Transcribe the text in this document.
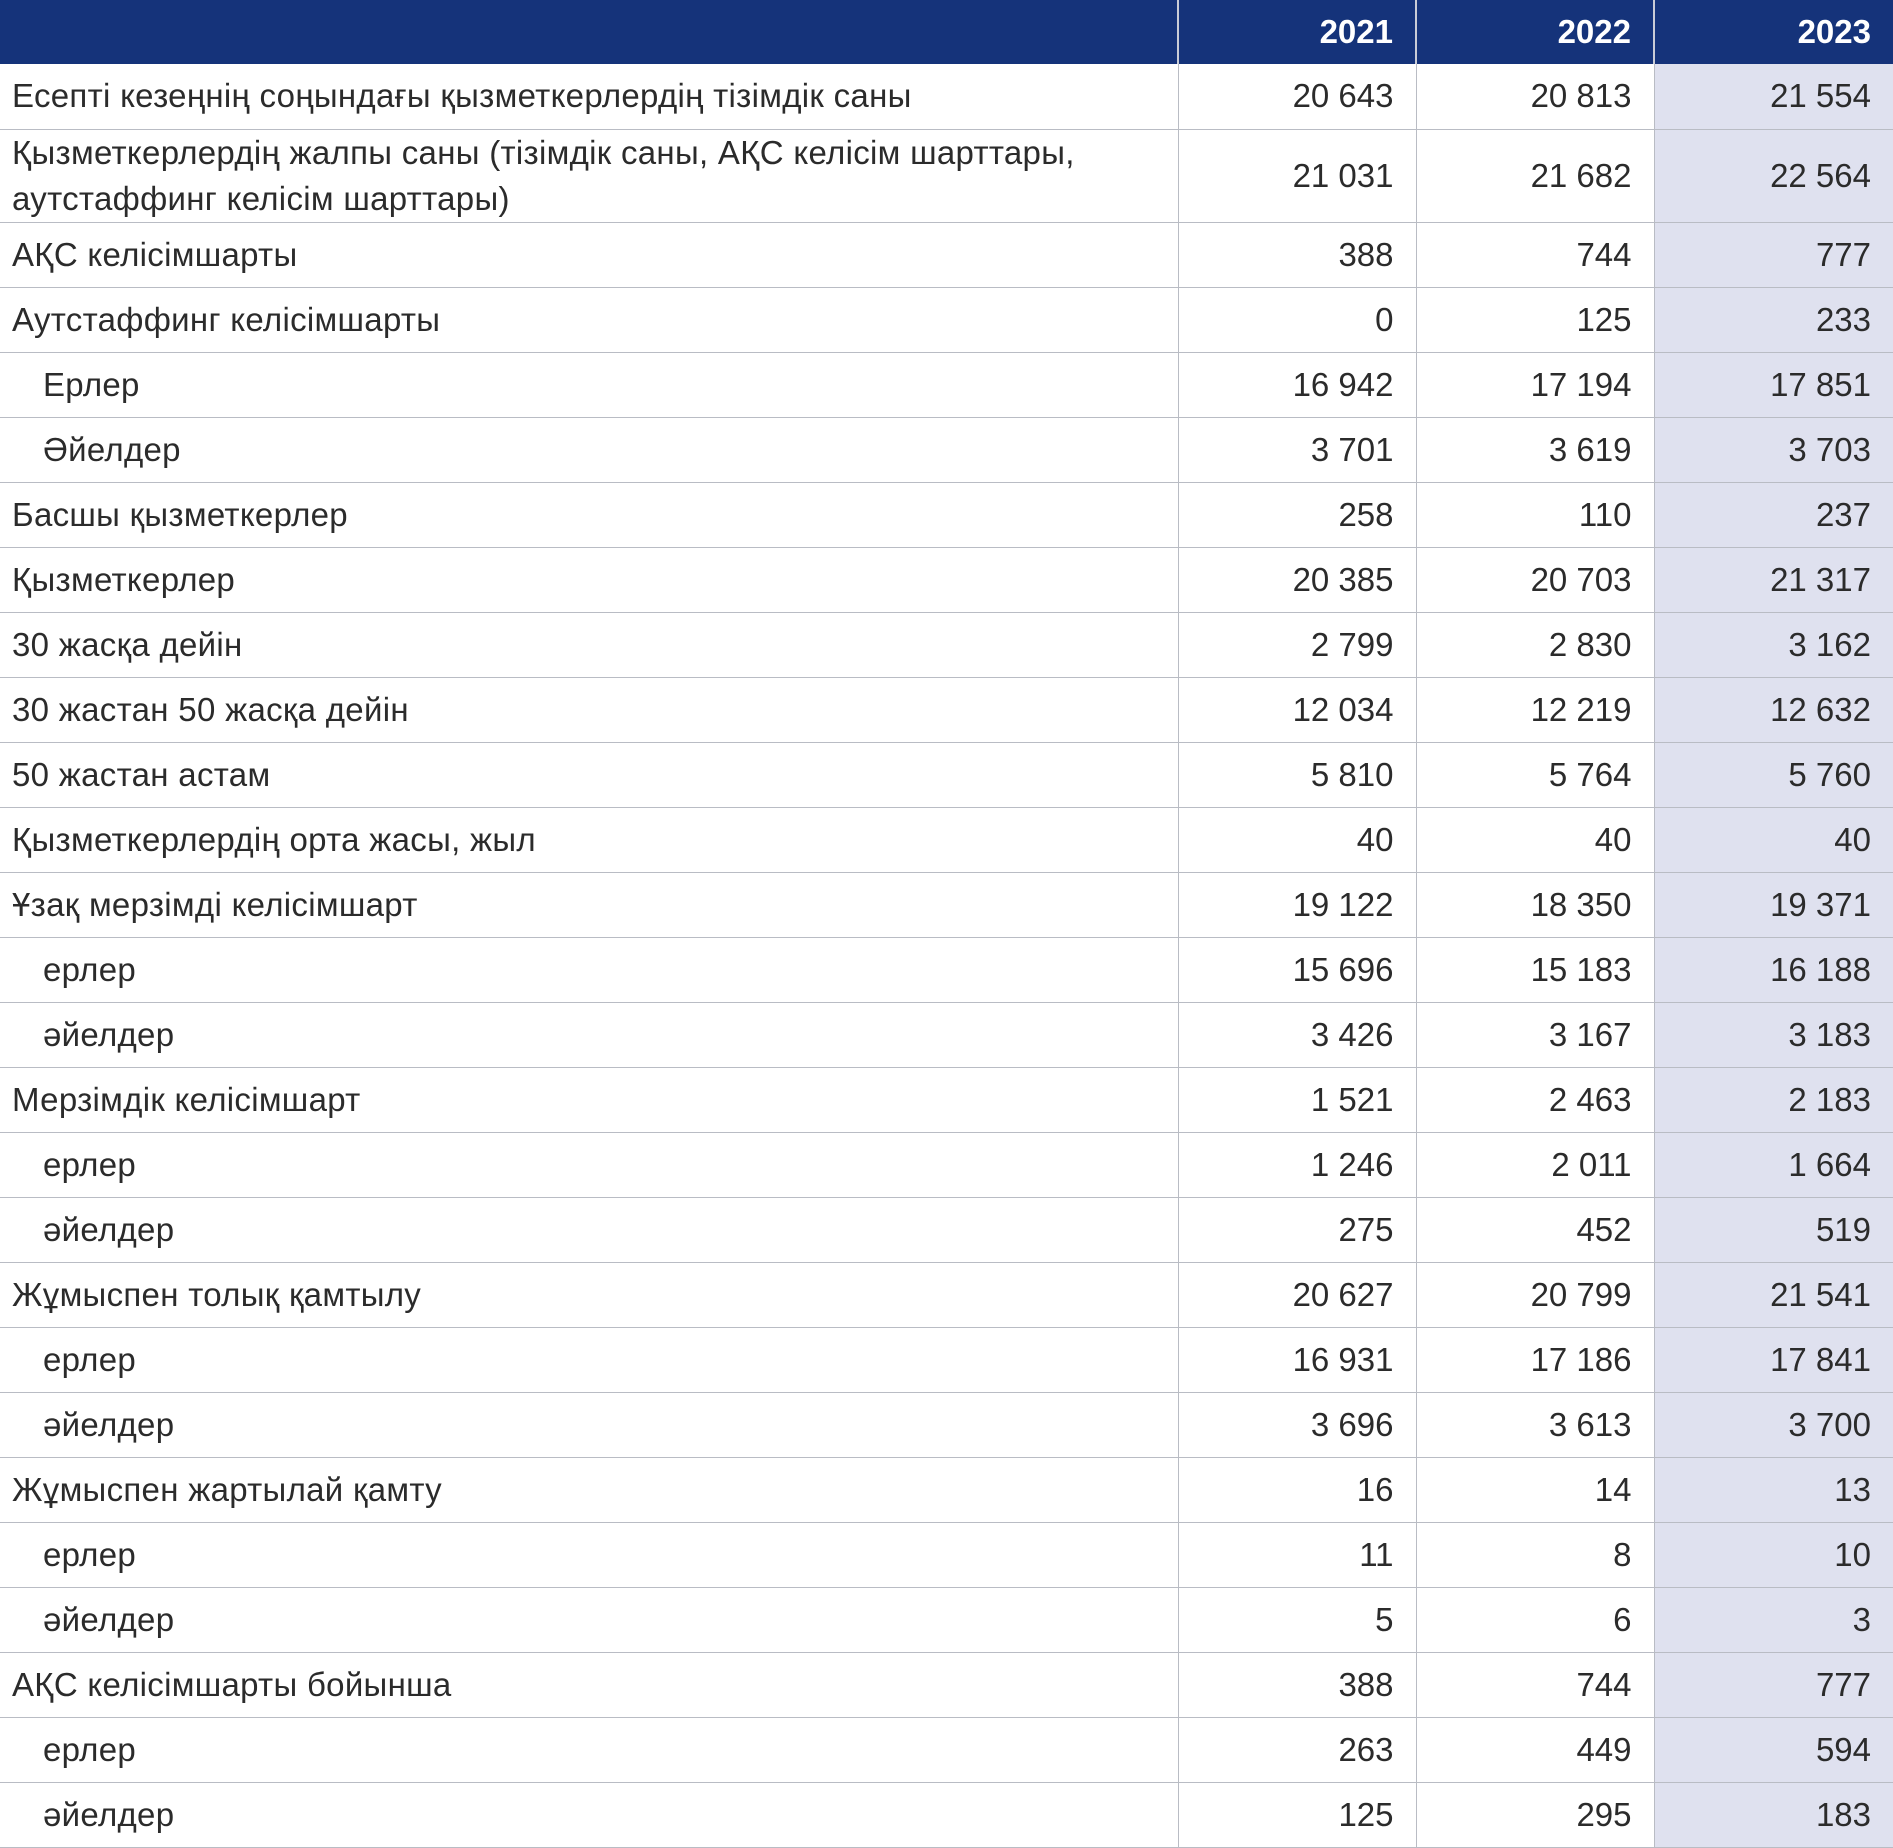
	2021	2022	2023
Есепті кезеңнің соңындағы қызметкерлердің тізімдік саны	20 643	20 813	21 554
Қызметкерлердің жалпы саны (тізімдік саны, АҚС келісім шарттары, аутстаффинг келісім шарттары)	21 031	21 682	22 564
АҚС келісімшарты	388	744	777
Аутстаффинг келісімшарты	0	125	233
Ерлер	16 942	17 194	17 851
Әйелдер	3 701	3 619	3 703
Басшы қызметкерлер	258	110	237
Қызметкерлер	20 385	20 703	21 317
30 жасқа дейін	2 799	2 830	3 162
30 жастан 50 жасқа дейін	12 034	12 219	12 632
50 жастан астам	5 810	5 764	5 760
Қызметкерлердің орта жасы, жыл	40	40	40
Ұзақ мерзімді келісімшарт	19 122	18 350	19 371
ерлер	15 696	15 183	16 188
әйелдер	3 426	3 167	3 183
Мерзімдік келісімшарт	1 521	2 463	2 183
ерлер	1 246	2 011	1 664
әйелдер	275	452	519
Жұмыспен толық қамтылу	20 627	20 799	21 541
ерлер	16 931	17 186	17 841
әйелдер	3 696	3 613	3 700
Жұмыспен жартылай қамту	16	14	13
ерлер	11	8	10
әйелдер	5	6	3
АҚС келісімшарты бойынша	388	744	777
ерлер	263	449	594
әйелдер	125	295	183
